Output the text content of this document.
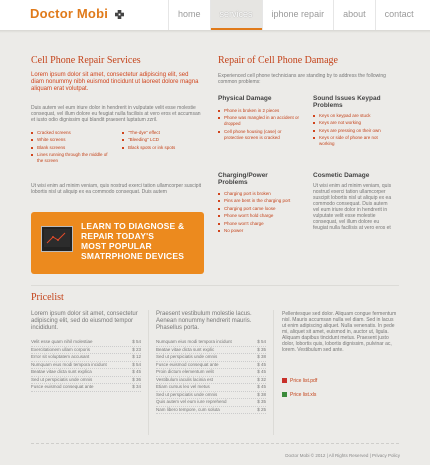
Doctor Mobi	home	services	iphone repair	about	contact
Cell Phone Repair Services
Lorem ipsum dolor sit amet, consectetur adipiscing elit, sed diam nonummy nibh euismod tincidunt ut laoreet dolore magna aliquam erat volutpat.
Duis autem vel eum iriure dolor in hendrerit in vulputate velit esse molestie consequat, vel illum dolore eu feugiat nulla facilisis at vero eros et accumsan et iusto odio dignissim qui blandit praesent luptatum zzril.
Cracked screens
White screens
Blank screens
Lines running through the middle of the screen
"The-dye" effect
"Bleeding" LCD
Black spots or ink spots
Ut wisi enim ad minim veniam, quis nostrud exerci tation ullamcorper suscipit lobortis nisl ut aliquip ex ea commodo consequat. Duis autem
LEARN TO DIAGNOSE &
REPAIR TODAY'S
MOST POPULAR
SMATRPHONE DEVICES
Repair of Cell Phone Damage
Experienced cell phone technicians are standing by to address the following common problems:
Physical Damage
Phone is broken in 2 pieces
Phone was mangled in an accident or dropped
Cell phone housing (case) or protective screen is cracked
Sound Issues Keypad Problems
Keys on keypad are stuck
Keys are not working
Keys are pressing on their own
Keys or side of phone are not working
Charging/Power Problems
Charging port is broken
Pins are bent in the charging port
Charging port came loose
Phone won't hold charge
Phone won't charge
No power
Cosmetic Damage
Ut wisi enim ad minim veniam, quis nostrud exerci tation ullamcorper suscipit lobortis nisl ut aliquip ex ea commodo consequat. Duis autem vel eum iriure dolor in hendrerit in vulputate velit esse molestie consequat, vel illum dolore eu feugiat nulla facilisis at vero eros et
Pricelist
Lorem ipsum dolor sit amet, consectetur adipiscing elit, sed do eiusmod tempor incididunt.
Velit esse quam nihil molestiae	$ 54
Exercitationem ullam corporis	$ 23
Error sit voluptatem accusant	$ 12
Numquam eius modi tempora incidunt	$ 54
Beatae vitae dicta sunt explica	$ 45
Sed ut perspiciatis unde omnis	$ 36
Fusce euismod consequat ante	$ 34
Praesent vestibulum molestie lacus. Aenean nonummy hendrerit mauris. Phasellus porta.
Numquam eius modi tempora incidunt	$ 54
Beatae vitae dicta sunt explic	$ 35
Sed ut perspiciatis unde omnis	$ 38
Fusce euismod consequat ante	$ 45
Proin dictum elementum velit	$ 45
Vestibulum iaculis lacinia est	$ 32
Etiam cursus leo vel metus	$ 45
Sed ut perspiciatis unde omnis	$ 38
Quis autem vel eum iure reprehend	$ 35
Nam libero tempore, cum soluta	$ 25
Pellentesque sed dolor. Aliquam congue fermentum nisl. Mauris accumsan nulla vel diam. Sed in lacus ut enim adipiscing aliquet. Nulla venenatis. In pede mi, aliquet sit amet, euismod in, auctor ut, ligula. Aliquam dapibus tincidunt metus. Praesent justo dolor, lobortis quis, lobortis dignissim, pulvinar ac, lorem. Vestibulum sed ante.
Price list.pdf
Price list.xls
Doctor Mobi © 2012 | All Rights Reserved | Privacy Policy
